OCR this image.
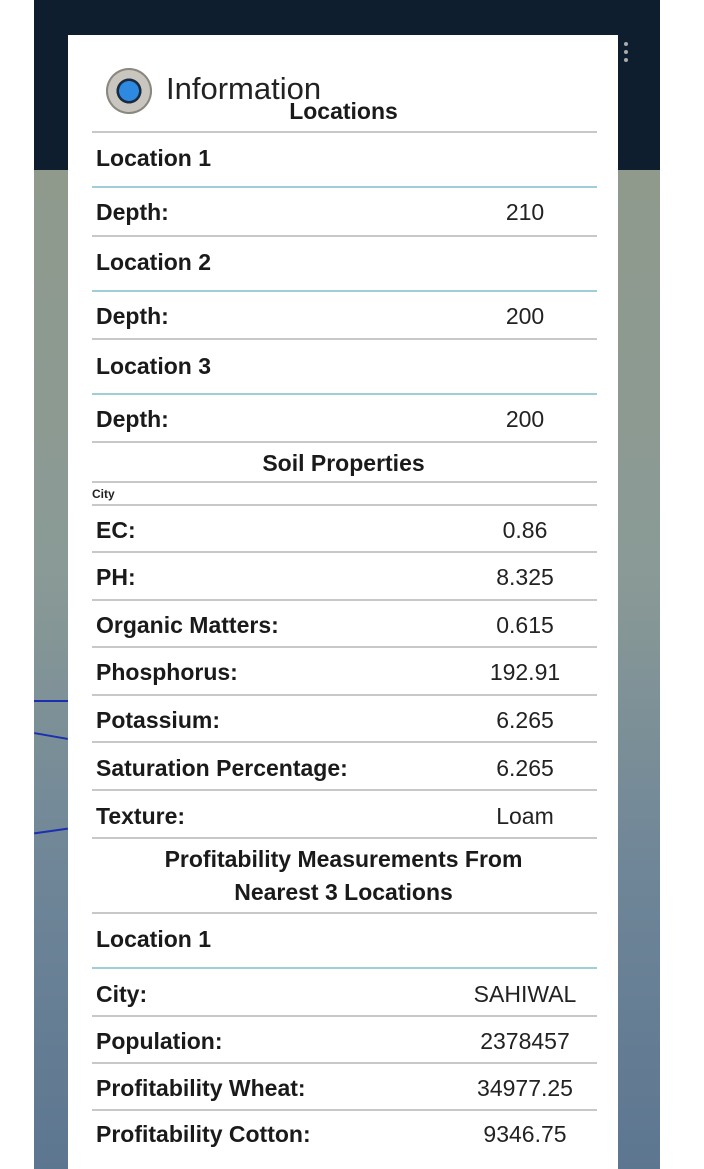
Information
Locations
Location 1
Depth:	210
Location 2
Depth:	200
Location 3
Depth:	200
Soil Properties
City
EC:	0.86
PH:	8.325
Organic Matters:	0.615
Phosphorus:	192.91
Potassium:	6.265
Saturation Percentage:	6.265
Texture:	Loam
Profitability Measurements From
Nearest 3 Locations
Location 1
City:	SAHIWAL
Population:	2378457
Profitability Wheat:	34977.25
Profitability Cotton:	9346.75
